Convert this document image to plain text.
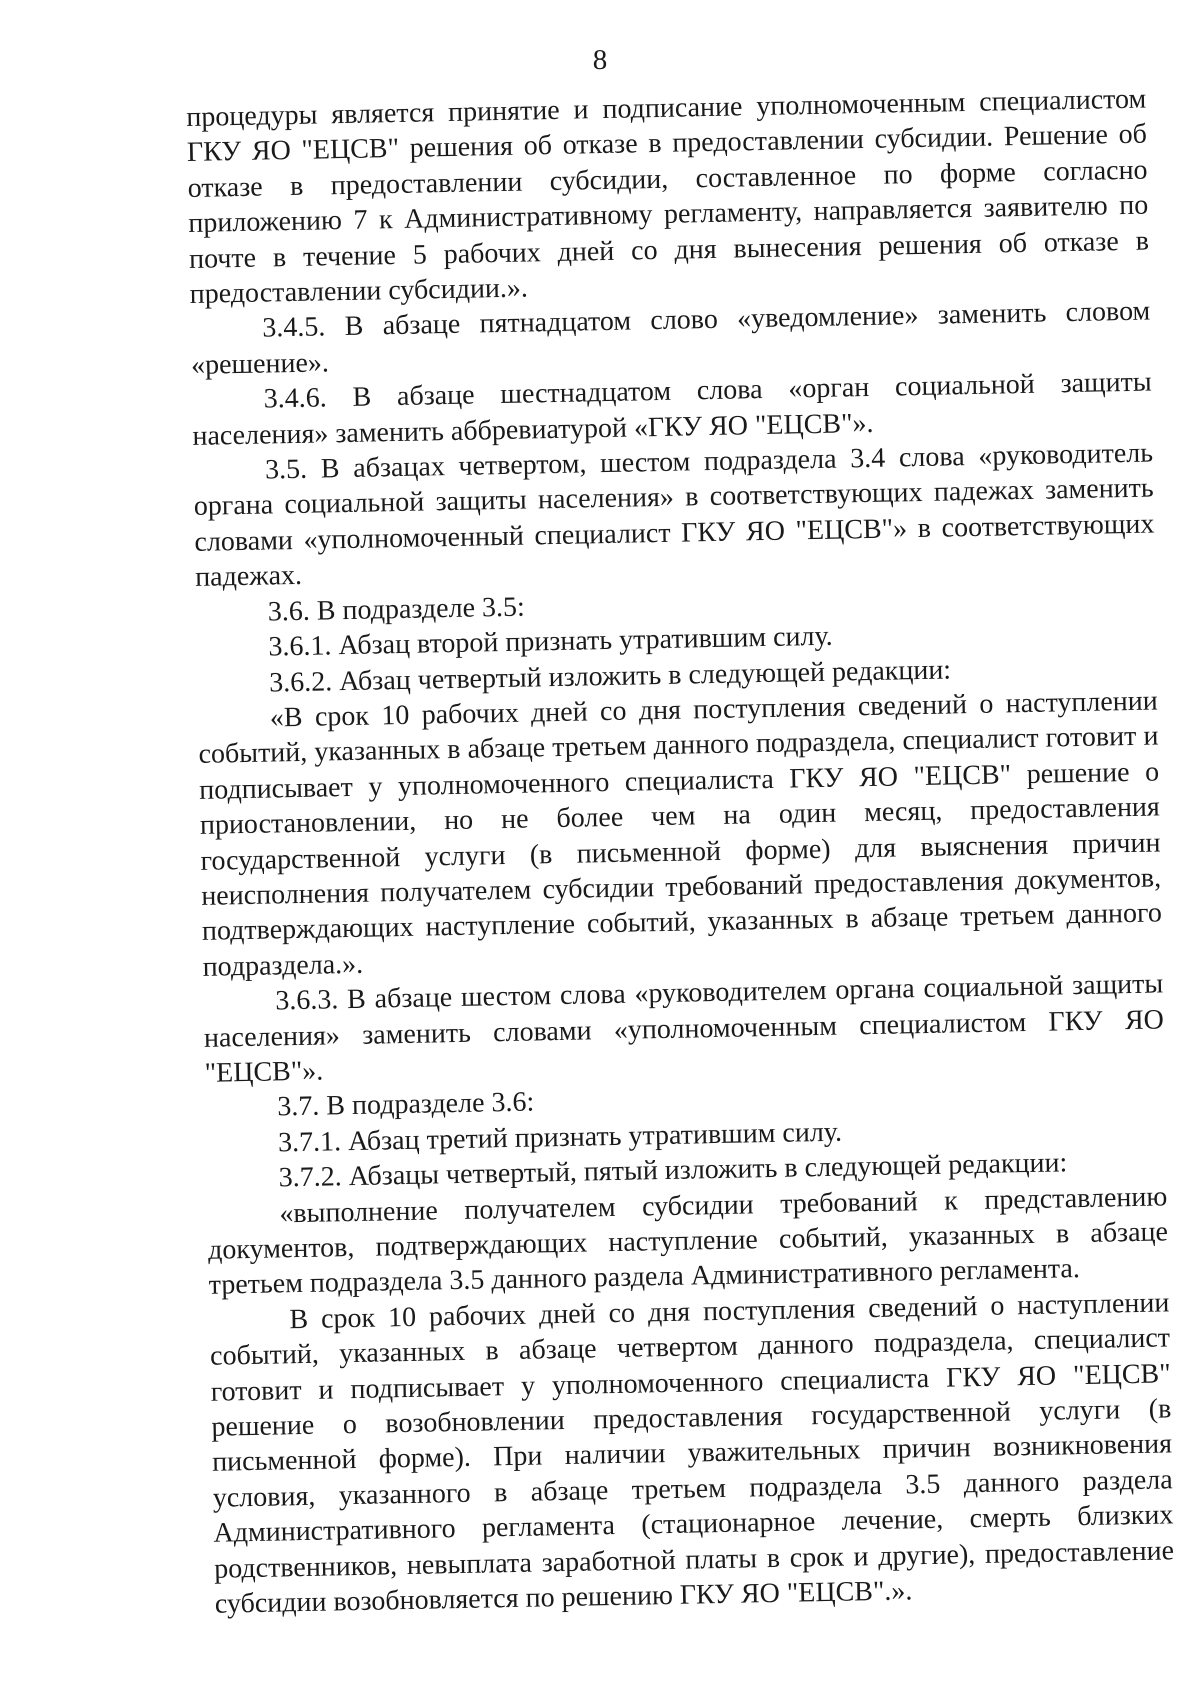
8

процедуры является принятие и подписание уполномоченным специалистом ГКУ ЯО "ЕЦСВ" решения об отказе в предоставлении субсидии. Решение об отказе в предоставлении субсидии, составленное по форме согласно приложению 7 к Административному регламенту, направляется заявителю по почте в течение 5 рабочих дней со дня вынесения решения об отказе в предоставлении субсидии.».

3.4.5. В абзаце пятнадцатом слово «уведомление» заменить словом «решение».

3.4.6. В абзаце шестнадцатом слова «орган социальной защиты населения» заменить аббревиатурой «ГКУ ЯО "ЕЦСВ"».

3.5. В абзацах четвертом, шестом подраздела 3.4 слова «руководитель органа социальной защиты населения» в соответствующих падежах заменить словами «уполномоченный специалист ГКУ ЯО "ЕЦСВ"» в соответствующих падежах.

3.6. В подразделе 3.5:

3.6.1. Абзац второй признать утратившим силу.

3.6.2. Абзац четвертый изложить в следующей редакции:

«В срок 10 рабочих дней со дня поступления сведений о наступлении событий, указанных в абзаце третьем данного подраздела, специалист готовит и подписывает у уполномоченного специалиста ГКУ ЯО "ЕЦСВ" решение о приостановлении, но не более чем на один месяц, предоставления государственной услуги (в письменной форме) для выяснения причин неисполнения получателем субсидии требований предоставления документов, подтверждающих наступление событий, указанных в абзаце третьем данного подраздела.».

3.6.3. В абзаце шестом слова «руководителем органа социальной защиты населения» заменить словами «уполномоченным специалистом ГКУ ЯО "ЕЦСВ"».

3.7. В подразделе 3.6:

3.7.1. Абзац третий признать утратившим силу.

3.7.2. Абзацы четвертый, пятый изложить в следующей редакции:

«выполнение получателем субсидии требований к представлению документов, подтверждающих наступление событий, указанных в абзаце третьем подраздела 3.5 данного раздела Административного регламента.

В срок 10 рабочих дней со дня поступления сведений о наступлении событий, указанных в абзаце четвертом данного подраздела, специалист готовит и подписывает у уполномоченного специалиста ГКУ ЯО "ЕЦСВ" решение о возобновлении предоставления государственной услуги (в письменной форме). При наличии уважительных причин возникновения условия, указанного в абзаце третьем подраздела 3.5 данного раздела Административного регламента (стационарное лечение, смерть близких родственников, невыплата заработной платы в срок и другие), предоставление субсидии возобновляется по решению ГКУ ЯО "ЕЦСВ".».
